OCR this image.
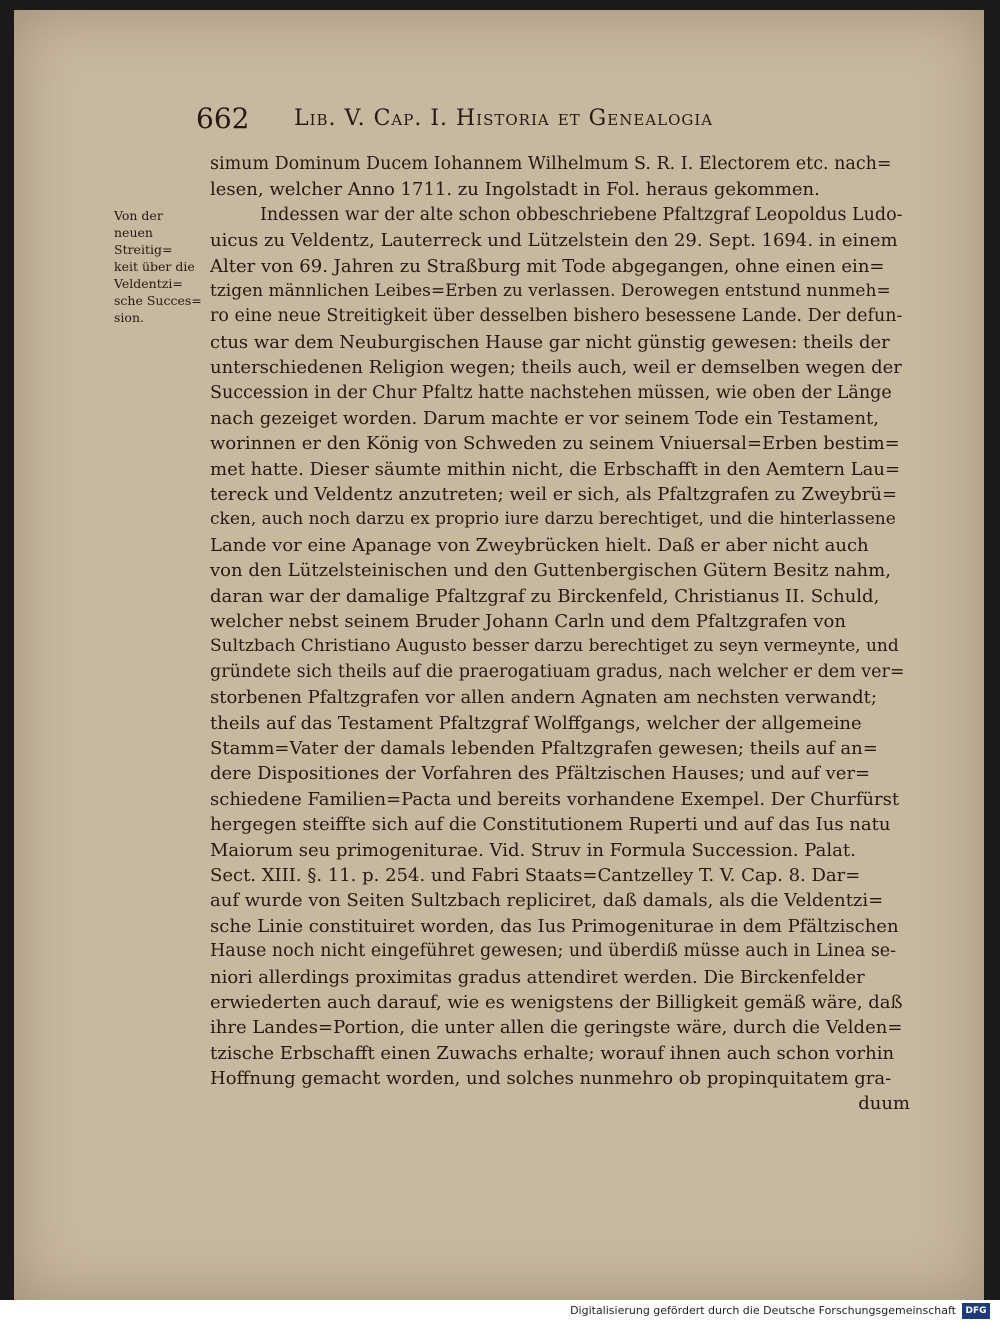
662 Lib. V. Cap. I. Historia et Genealogia
Von der
neuen
Streitig=
keit über die
Veldentzi=
sche Succes=
sion.
simum Dominum Ducem Iohannem Wilhelmum S. R. I. Electorem etc. nach=
lesen, welcher Anno 1711. zu Ingolstadt in Fol. heraus gekommen.
Indessen war der alte schon obbeschriebene Pfaltzgraf Leopoldus Ludo-
uicus zu Veldentz, Lauterreck und Lützelstein den 29. Sept. 1694. in einem
Alter von 69. Jahren zu Straßburg mit Tode abgegangen, ohne einen ein=
tzigen männlichen Leibes=Erben zu verlassen. Derowegen entstund nunmeh=
ro eine neue Streitigkeit über desselben bishero besessene Lande. Der defun-
ctus war dem Neuburgischen Hause gar nicht günstig gewesen: theils der
unterschiedenen Religion wegen; theils auch, weil er demselben wegen der
Succession in der Chur Pfaltz hatte nachstehen müssen, wie oben der Länge
nach gezeiget worden. Darum machte er vor seinem Tode ein Testament,
worinnen er den König von Schweden zu seinem Vniuersal=Erben bestim=
met hatte. Dieser säumte mithin nicht, die Erbschafft in den Aemtern Lau=
tereck und Veldentz anzutreten; weil er sich, als Pfaltzgrafen zu Zweybrü=
cken, auch noch darzu ex proprio iure darzu berechtiget, und die hinterlassene
Lande vor eine Apanage von Zweybrücken hielt. Daß er aber nicht auch
von den Lützelsteinischen und den Guttenbergischen Gütern Besitz nahm,
daran war der damalige Pfaltzgraf zu Birckenfeld, Christianus II. Schuld,
welcher nebst seinem Bruder Johann Carln und dem Pfaltzgrafen von
Sultzbach Christiano Augusto besser darzu berechtiget zu seyn vermeynte, und
gründete sich theils auf die praerogatiuam gradus, nach welcher er dem ver=
storbenen Pfaltzgrafen vor allen andern Agnaten am nechsten verwandt;
theils auf das Testament Pfaltzgraf Wolffgangs, welcher der allgemeine
Stamm=Vater der damals lebenden Pfaltzgrafen gewesen; theils auf an=
dere Dispositiones der Vorfahren des Pfältzischen Hauses; und auf ver=
schiedene Familien=Pacta und bereits vorhandene Exempel. Der Churfürst
hergegen steiffte sich auf die Constitutionem Ruperti und auf das Ius natu
Maiorum seu primogeniturae. Vid. Struv in Formula Succession. Palat.
Sect. XIII. §. 11. p. 254. und Fabri Staats=Cantzelley T. V. Cap. 8. Dar=
auf wurde von Seiten Sultzbach repliciret, daß damals, als die Veldentzi=
sche Linie constituiret worden, das Ius Primogeniturae in dem Pfältzischen
Hause noch nicht eingeführet gewesen; und überdiß müsse auch in Linea se-
niori allerdings proximitas gradus attendiret werden. Die Birckenfelder
erwiederten auch darauf, wie es wenigstens der Billigkeit gemäß wäre, daß
ihre Landes=Portion, die unter allen die geringste wäre, durch die Velden=
tzische Erbschafft einen Zuwachs erhalte; worauf ihnen auch schon vorhin
Hoffnung gemacht worden, und solches nunmehro ob propinquitatem gra-
duum
Digitalisierung gefördert durch die Deutsche Forschungsgemeinschaft	DFG
